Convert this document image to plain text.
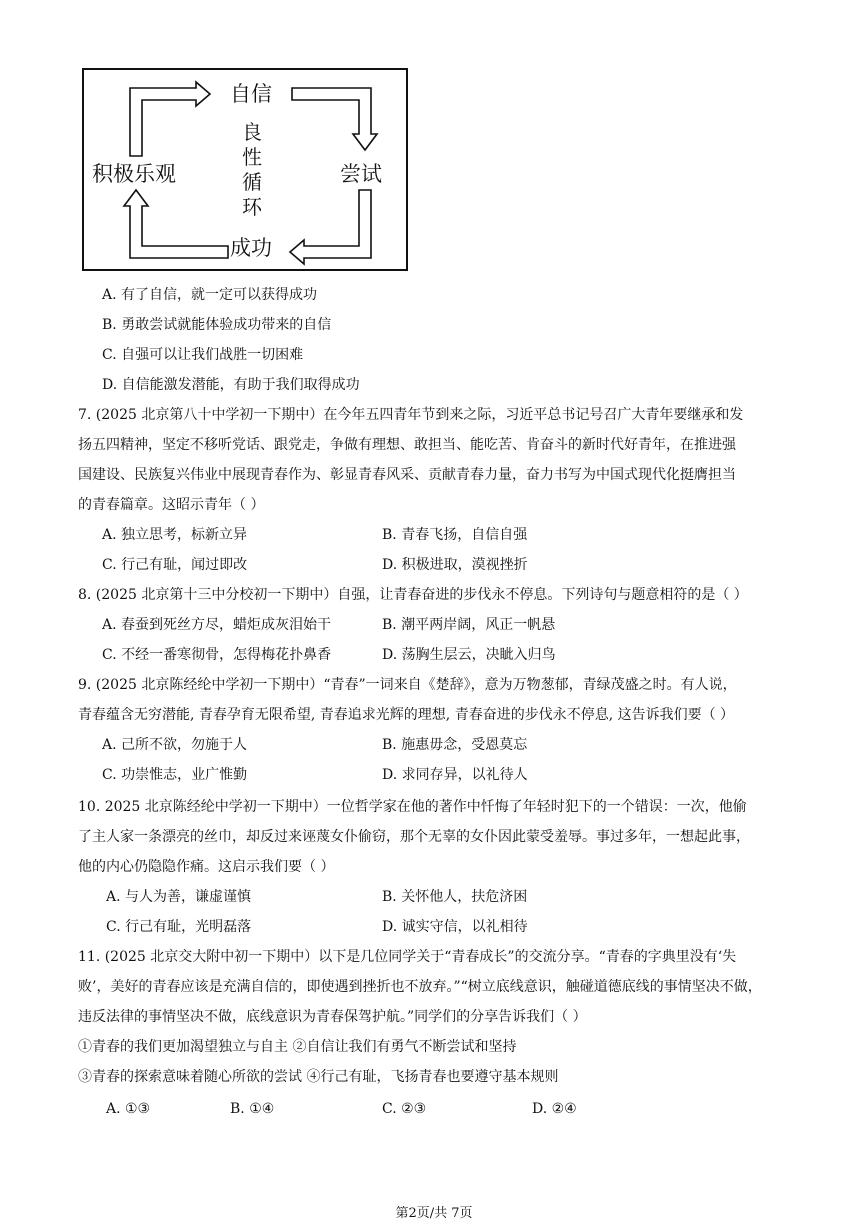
自信
尝试
成功
积极乐观
良
性
循
环
A. 有了自信，就一定可以获得成功
B. 勇敢尝试就能体验成功带来的自信
C. 自强可以让我们战胜一切困难
D. 自信能激发潜能，有助于我们取得成功
7. (2025 北京第八十中学初一下期中）在今年五四青年节到来之际，习近平总书记号召广大青年要继承和发
扬五四精神，坚定不移听党话、跟党走，争做有理想、敢担当、能吃苦、肯奋斗的新时代好青年，在推进强
国建设、民族复兴伟业中展现青春作为、彰显青春风采、贡献青春力量，奋力书写为中国式现代化挺膺担当
的青春篇章。这昭示青年（ ）
A. 独立思考，标新立异	B. 青春飞扬，自信自强
C. 行己有耻，闻过即改	D. 积极进取，漠视挫折
8. (2025 北京第十三中分校初一下期中）自强，让青春奋进的步伐永不停息。下列诗句与题意相符的是（ ）
A. 春蚕到死丝方尽，蜡炬成灰泪始干	B. 潮平两岸阔，风正一帆悬
C. 不经一番寒彻骨，怎得梅花扑鼻香	D. 荡胸生层云，决眦入归鸟
9. (2025 北京陈经纶中学初一下期中）“青春”一词来自《楚辞》，意为万物葱郁，青绿茂盛之时。有人说，
青春蕴含无穷潜能, 青春孕育无限希望, 青春追求光辉的理想, 青春奋进的步伐永不停息, 这告诉我们要（ ）
A. 己所不欲，勿施于人	B. 施惠毋念，受恩莫忘
C. 功崇惟志，业广惟勤	D. 求同存异，以礼待人
10. 2025 北京陈经纶中学初一下期中）一位哲学家在他的著作中忏悔了年轻时犯下的一个错误：一次，他偷
了主人家一条漂亮的丝巾，却反过来诬蔑女仆偷窃，那个无辜的女仆因此蒙受羞辱。事过多年，一想起此事，
他的内心仍隐隐作痛。这启示我们要（ ）
A. 与人为善，谦虚谨慎	B. 关怀他人，扶危济困
C. 行己有耻，光明磊落	D. 诚实守信，以礼相待
11. (2025 北京交大附中初一下期中）以下是几位同学关于“青春成长”的交流分享。“青春的字典里没有‘失
败’，美好的青春应该是充满自信的，即使遇到挫折也不放弃。”“树立底线意识，触碰道德底线的事情坚决不做，
违反法律的事情坚决不做，底线意识为青春保驾护航。”同学们的分享告诉我们（ ）
①青春的我们更加渴望独立与自主 ②自信让我们有勇气不断尝试和坚持
③青春的探索意味着随心所欲的尝试 ④行己有耻，飞扬青春也要遵守基本规则
A. ①③	B. ①④	C. ②③	D. ②④
第2页/共 7页
